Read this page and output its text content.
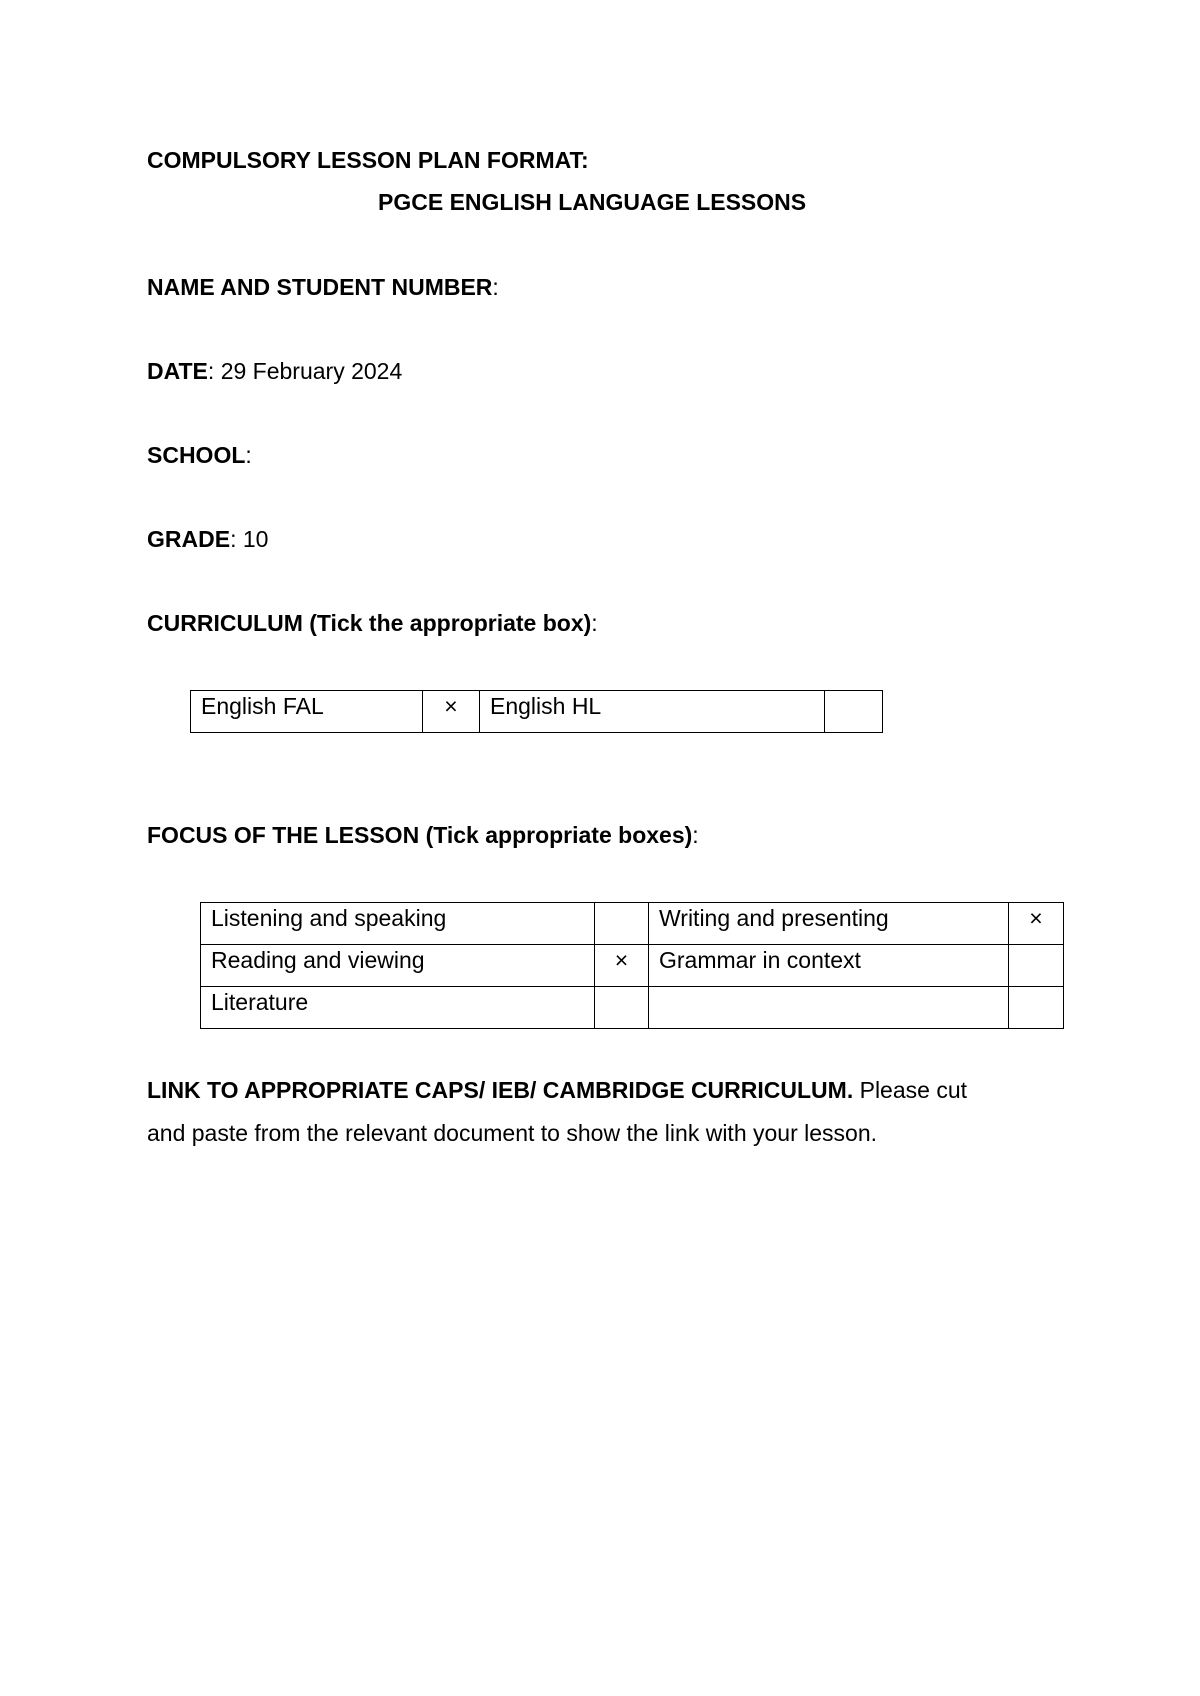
COMPULSORY LESSON PLAN FORMAT:
PGCE ENGLISH LANGUAGE LESSONS
NAME AND STUDENT NUMBER:
DATE: 29 February 2024
SCHOOL:
GRADE: 10
CURRICULUM (Tick the appropriate box):
English FAL	×	English HL	
FOCUS OF THE LESSON (Tick appropriate boxes):
Listening and speaking		Writing and presenting	×
Reading and viewing	×	Grammar in context	
Literature			
LINK TO APPROPRIATE CAPS/ IEB/ CAMBRIDGE CURRICULUM. Please cut
and paste from the relevant document to show the link with your lesson.
